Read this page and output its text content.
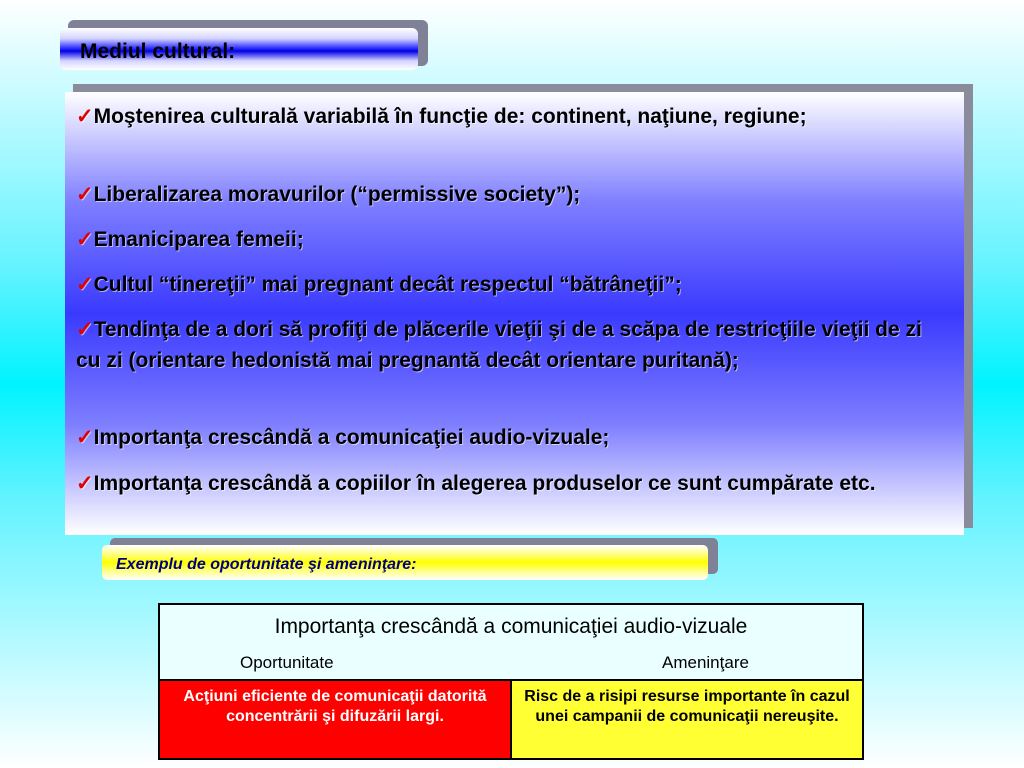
Mediul cultural:
✓Moştenirea culturală variabilă în funcţie de: continent, naţiune, regiune;
✓Liberalizarea moravurilor (“permissive society”);
✓Emaniciparea femeii;
✓Cultul “tinereţii” mai pregnant decât respectul “bătrâneţii”;
✓Tendinţa de a dori să profiţi de plăcerile vieţii şi de a scăpa de restricţiile vieţii de zi cu zi (orientare hedonistă mai pregnantă decât orientare puritană);
✓Importanţa crescândă a comunicaţiei audio-vizuale;
✓Importanţa crescândă a copiilor în alegerea produselor ce sunt cumpărate etc.
Exemplu de oportunitate şi ameninţare:
Importanţa crescândă a comunicaţiei audio-vizuale
Oportunitate	Ameninţare
Acţiuni eficiente de comunicaţii datorită concentrării şi difuzării largi.
Risc de a risipi resurse importante în cazul unei campanii de comunicaţii nereuşite.
